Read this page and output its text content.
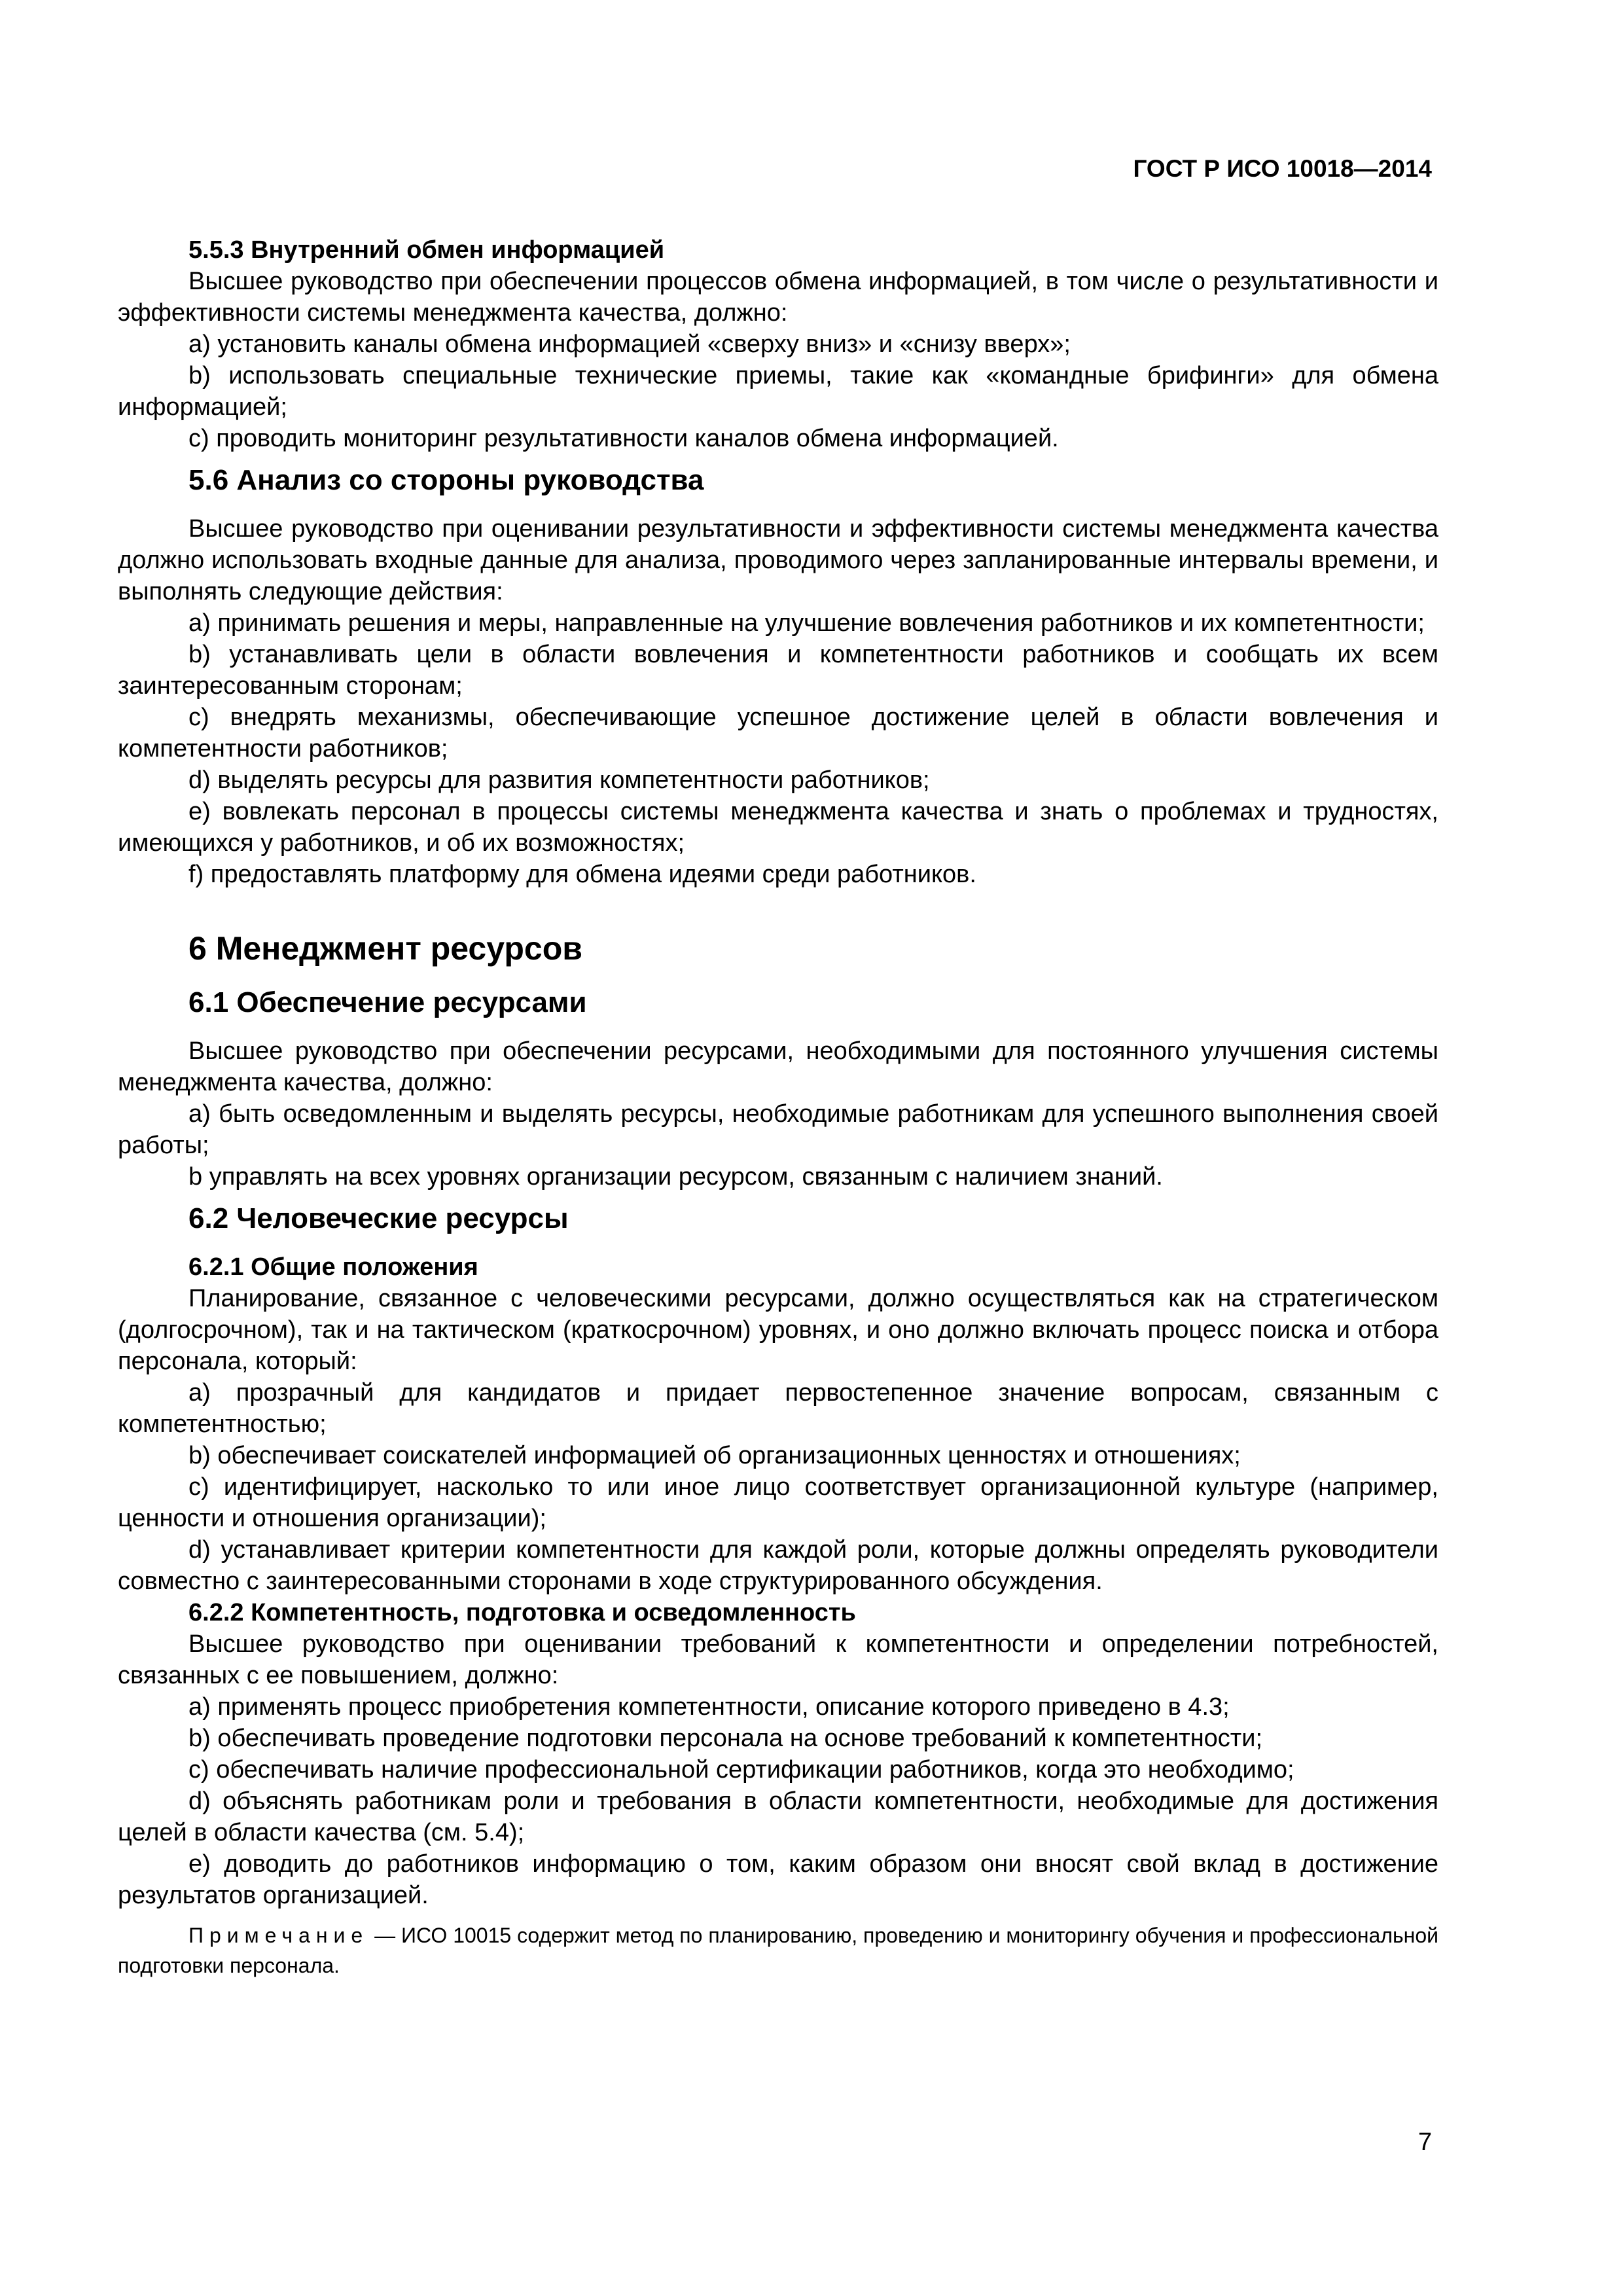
ГОСТ Р ИСО 10018—2014

5.5.3 Внутренний обмен информацией

Высшее руководство при обеспечении процессов обмена информацией, в том числе о результативности и эффективности системы менеджмента качества, должно:

a) установить каналы обмена информацией «сверху вниз» и «снизу вверх»;

b) использовать специальные технические приемы, такие как «командные брифинги» для обмена информацией;

c) проводить мониторинг результативности каналов обмена информацией.

5.6 Анализ со стороны руководства

Высшее руководство при оценивании результативности и эффективности системы менеджмента качества должно использовать входные данные для анализа, проводимого через запланированные интервалы времени, и выполнять следующие действия:

a) принимать решения и меры, направленные на улучшение вовлечения работников и их компетентности;

b) устанавливать цели в области вовлечения и компетентности работников и сообщать их всем заинтересованным сторонам;

c) внедрять механизмы, обеспечивающие успешное достижение целей в области вовлечения и компетентности работников;

d) выделять ресурсы для развития компетентности работников;

e) вовлекать персонал в процессы системы менеджмента качества и знать о проблемах и трудностях, имеющихся у работников, и об их возможностях;

f) предоставлять платформу для обмена идеями среди работников.

6 Менеджмент ресурсов
6.1 Обеспечение ресурсами

Высшее руководство при обеспечении ресурсами, необходимыми для постоянного улучшения системы менеджмента качества, должно:

a) быть осведомленным и выделять ресурсы, необходимые работникам для успешного выполнения своей работы;

b управлять на всех уровнях организации ресурсом, связанным с наличием знаний.

6.2 Человеческие ресурсы

6.2.1 Общие положения

Планирование, связанное с человеческими ресурсами, должно осуществляться как на стратегическом (долгосрочном), так и на тактическом (краткосрочном) уровнях, и оно должно включать процесс поиска и отбора персонала, который:

a) прозрачный для кандидатов и придает первостепенное значение вопросам, связанным с компетентностью;

b) обеспечивает соискателей информацией об организационных ценностях и отношениях;

c) идентифицирует, насколько то или иное лицо соответствует организационной культуре (например, ценности и отношения организации);

d) устанавливает критерии компетентности для каждой роли, которые должны определять руководители совместно с заинтересованными сторонами в ходе структурированного обсуждения.

6.2.2 Компетентность, подготовка и осведомленность

Высшее руководство при оценивании требований к компетентности и определении потребностей, связанных с ее повышением, должно:

a) применять процесс приобретения компетентности, описание которого приведено в 4.3;

b) обеспечивать проведение подготовки персонала на основе требований к компетентности;

c) обеспечивать наличие профессиональной сертификации работников, когда это необходимо;

d) объяснять работникам роли и требования в области компетентности, необходимые для достижения целей в области качества (см. 5.4);

e) доводить до работников информацию о том, каким образом они вносят свой вклад в достижение результатов организацией.

Примечание — ИСО 10015 содержит метод по планированию, проведению и мониторингу обучения и профессиональной подготовки персонала.

7
